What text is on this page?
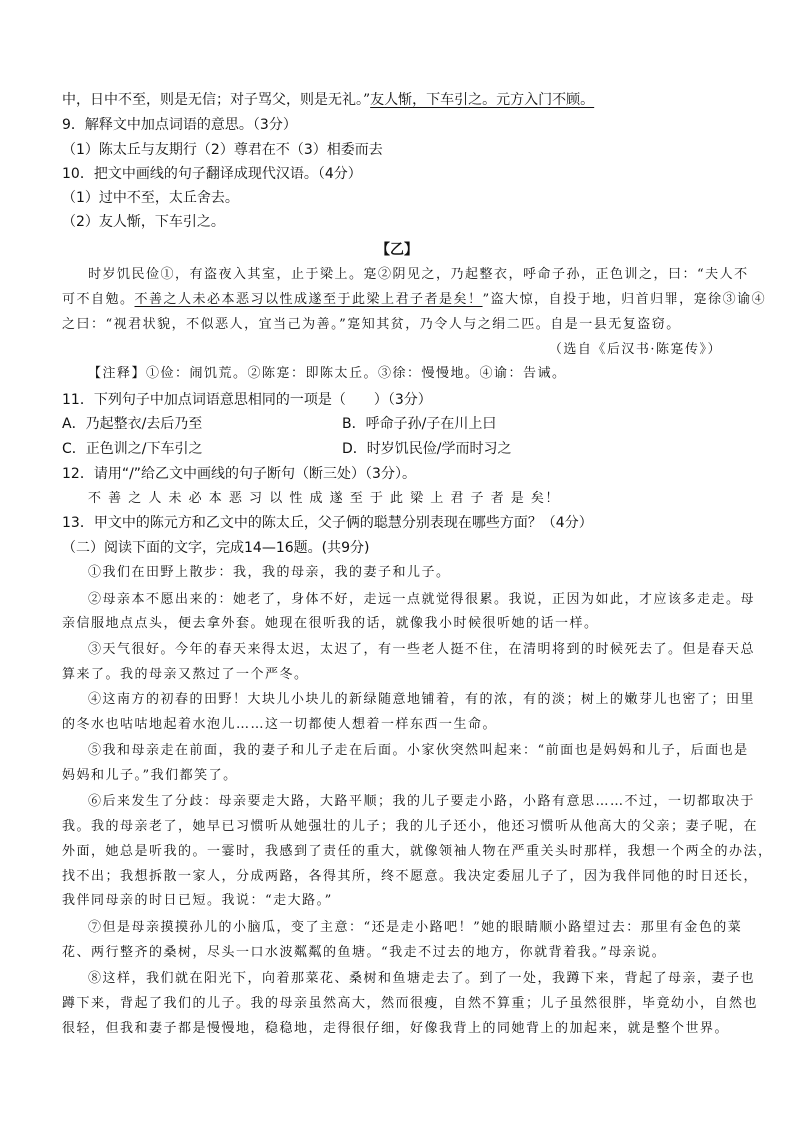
中，日中不至，则是无信；对子骂父，则是无礼。”友人惭，下车引之。元方入门不顾。
9．解释文中加点词语的意思。（3分）
（1）陈太丘与友期行（2）尊君在不（3）相委而去
10．把文中画线的句子翻译成现代汉语。（4分）
（1）过中不至，太丘舍去。
（2）友人惭，下车引之。
【乙】
时岁饥民俭①，有盗夜入其室，止于梁上。寔②阴见之，乃起整衣，呼命子孙，正色训之，曰：“夫人不
可不自勉。不善之人未必本恶习以性成遂至于此梁上君子者是矣！”盗大惊，自投于地，归首归罪，寔徐③谕④
之曰：“视君状貌，不似恶人，宜当己为善。”寔知其贫，乃令人与之绢二匹。自是一县无复盗窃。
（选自《后汉书·陈寔传》）
【注释】①俭：闹饥荒。②陈寔：即陈太丘。③徐：慢慢地。④谕：告诫。
11．下列句子中加点词语意思相同的一项是（　　）（3分）
A．乃起整衣/去后乃至	B．呼命子孙/子在川上曰
C．正色训之/下车引之	D．时岁饥民俭/学而时习之
12．请用“/”给乙文中画线的句子断句（断三处）（3分）。
不 善 之 人 未 必 本 恶 习 以 性 成 遂 至 于 此 梁 上 君 子 者 是 矣！
13．甲文中的陈元方和乙文中的陈太丘，父子俩的聪慧分别表现在哪些方面？（4分）
（二）阅读下面的文字，完成14—16题。(共9分)
①我们在田野上散步：我，我的母亲，我的妻子和儿子。
②母亲本不愿出来的：她老了，身体不好，走远一点就觉得很累。我说，正因为如此，才应该多走走。母
亲信服地点点头，便去拿外套。她现在很听我的话，就像我小时候很听她的话一样。
③天气很好。今年的春天来得太迟，太迟了，有一些老人挺不住，在清明将到的时候死去了。但是春天总
算来了。我的母亲又熬过了一个严冬。
④这南方的初春的田野！大块儿小块儿的新绿随意地铺着，有的浓，有的淡；树上的嫩芽儿也密了；田里
的冬水也咕咕地起着水泡儿……这一切都使人想着一样东西一生命。
⑤我和母亲走在前面，我的妻子和儿子走在后面。小家伙突然叫起来：“前面也是妈妈和儿子，后面也是
妈妈和儿子。”我们都笑了。
⑥后来发生了分歧：母亲要走大路，大路平顺；我的儿子要走小路，小路有意思……不过，一切都取决于
我。我的母亲老了，她早已习惯听从她强壮的儿子；我的儿子还小，他还习惯听从他高大的父亲；妻子呢，在
外面，她总是听我的。一霎时，我感到了责任的重大，就像领袖人物在严重关头时那样，我想一个两全的办法，
找不出；我想拆散一家人，分成两路，各得其所，终不愿意。我决定委屈儿子了，因为我伴同他的时日还长，
我伴同母亲的时日已短。我说：“走大路。”
⑦但是母亲摸摸孙儿的小脑瓜，变了主意：“还是走小路吧！”她的眼睛顺小路望过去：那里有金色的菜
花、两行整齐的桑树，尽头一口水波粼粼的鱼塘。“我走不过去的地方，你就背着我。”母亲说。
⑧这样，我们就在阳光下，向着那菜花、桑树和鱼塘走去了。到了一处，我蹲下来，背起了母亲，妻子也
蹲下来，背起了我们的儿子。我的母亲虽然高大，然而很瘦，自然不算重；儿子虽然很胖，毕竟幼小，自然也
很轻，但我和妻子都是慢慢地，稳稳地，走得很仔细，好像我背上的同她背上的加起来，就是整个世界。
